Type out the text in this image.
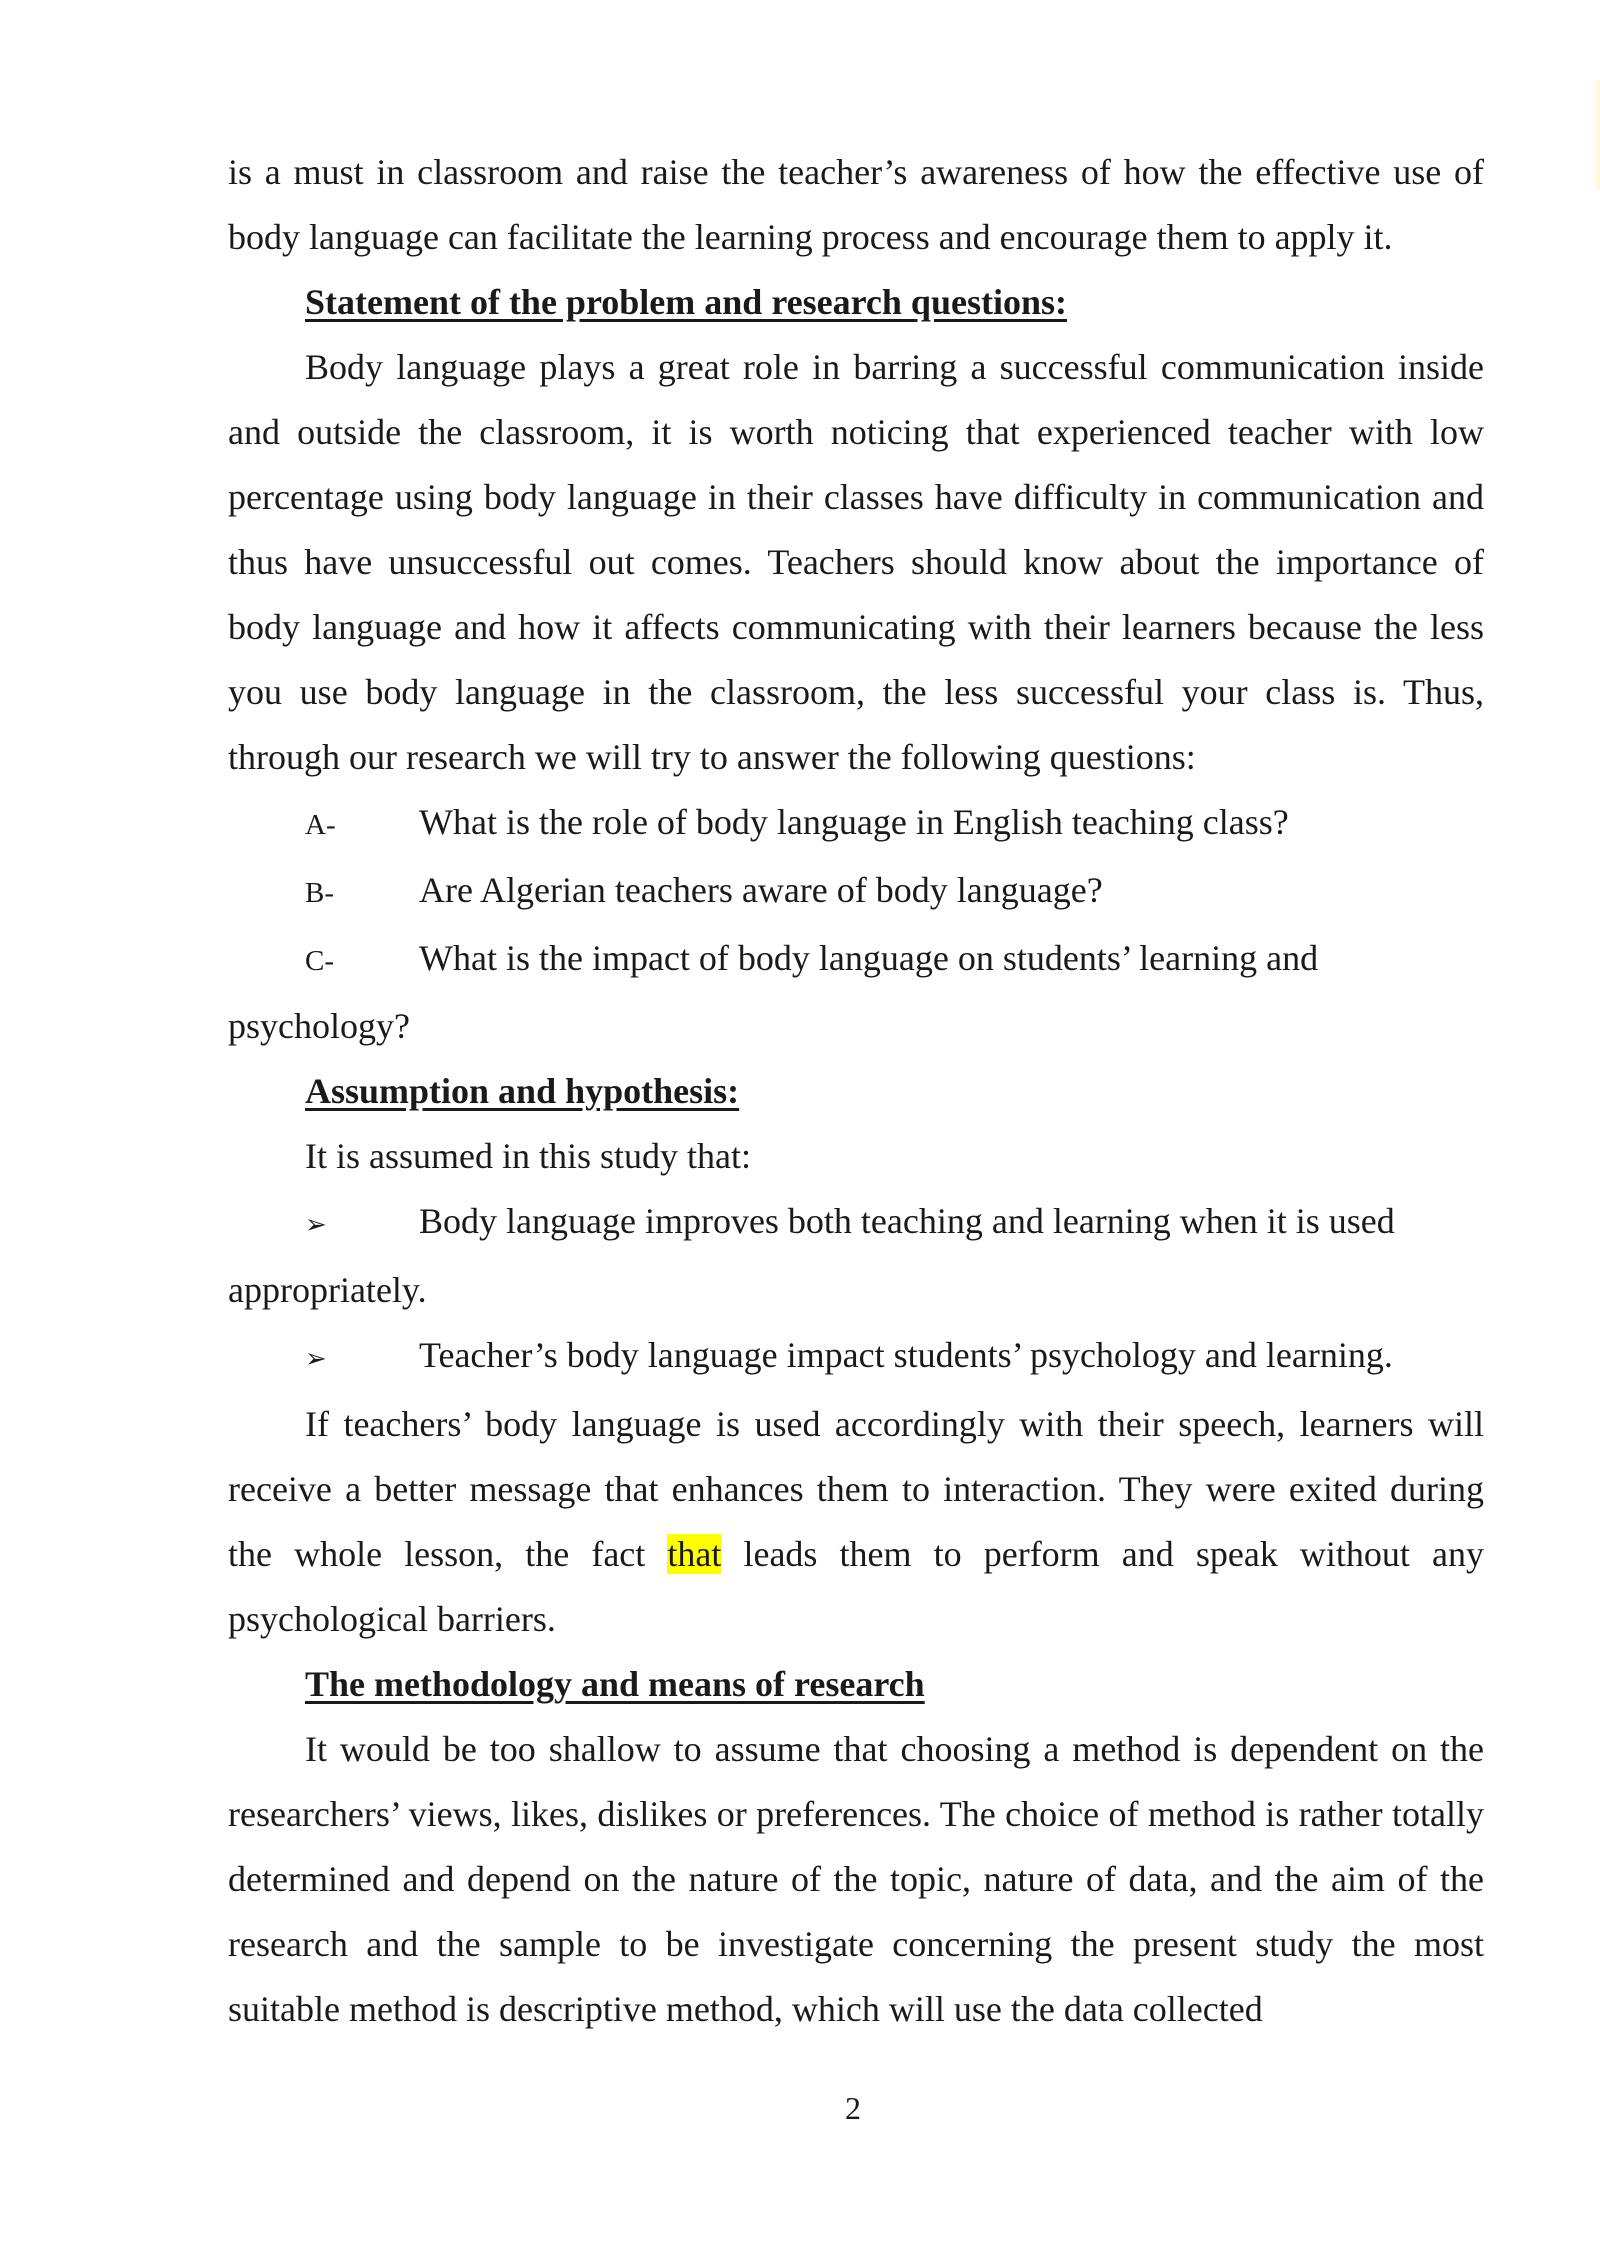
is a must in classroom and raise the teacher’s awareness of how the effective use of body language can facilitate the learning process and encourage them to apply it.

Statement of the problem and research questions:

Body language plays a great role in barring a successful communication inside and outside the classroom, it is worth noticing that experienced teacher with low percentage using body language in their classes have difficulty in communication and thus have unsuccessful out comes. Teachers should know about the importance of body language and how it affects communicating with their learners because the less you use body language in the classroom, the less successful your class is. Thus, through our research we will try to answer the following questions:

A-	What is the role of body language in English teaching class?
B-	Are Algerian teachers aware of body language?
C-	What is the impact of body language on students’ learning and

psychology?

Assumption and hypothesis:

It is assumed in this study that:

➢	Body language improves both teaching and learning when it is used

appropriately.

➢	Teacher’s body language impact students’ psychology and learning.

If teachers’ body language is used accordingly with their speech, learners will receive a better message that enhances them to interaction. They were exited during the whole lesson, the fact that leads them to perform and speak without any psychological barriers.

The methodology and means of research

It would be too shallow to assume that choosing a method is dependent on the researchers’ views, likes, dislikes or preferences. The choice of method is rather totally determined and depend on the nature of the topic, nature of data, and the aim of the research and the sample to be investigate concerning the present study the most suitable method is descriptive method, which will use the data collected

2
